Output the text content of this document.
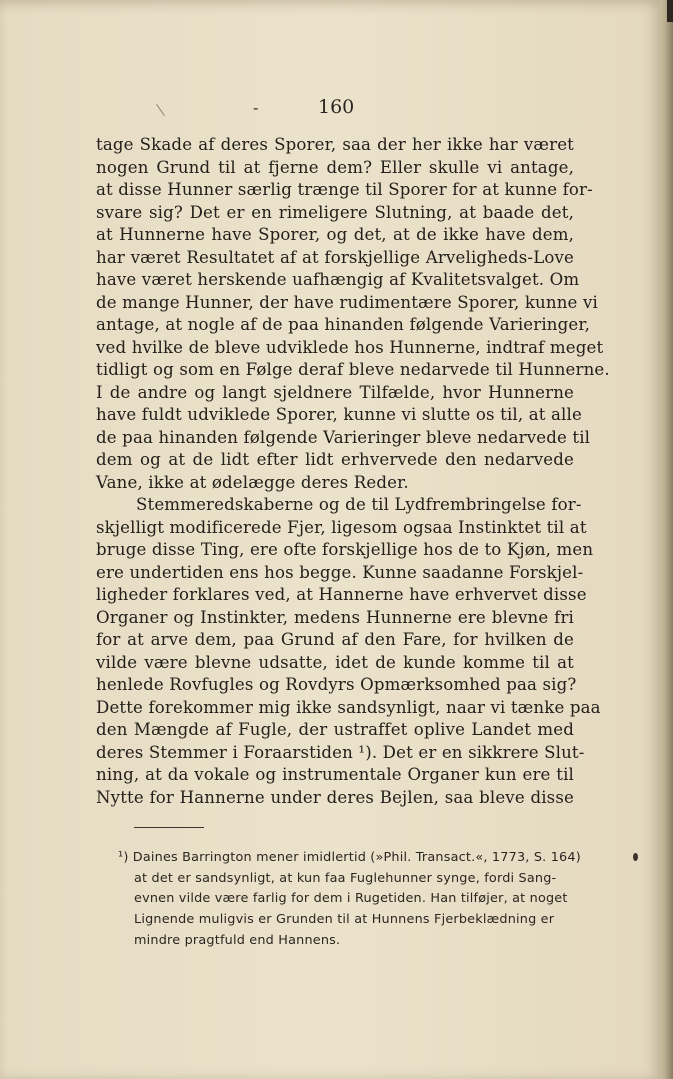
-	160
tage Skade af deres Sporer, saa der her ikke har været
nogen Grund til at fjerne dem? Eller skulle vi antage,
at disse Hunner særlig trænge til Sporer for at kunne for-
svare sig? Det er en rimeligere Slutning, at baade det,
at Hunnerne have Sporer, og det, at de ikke have dem,
har været Resultatet af at forskjellige Arveligheds-Love
have været herskende uafhængig af Kvalitetsvalget. Om
de mange Hunner, der have rudimentære Sporer, kunne vi
antage, at nogle af de paa hinanden følgende Varieringer,
ved hvilke de bleve udviklede hos Hunnerne, indtraf meget
tidligt og som en Følge deraf bleve nedarvede til Hunnerne.
I de andre og langt sjeldnere Tilfælde, hvor Hunnerne
have fuldt udviklede Sporer, kunne vi slutte os til, at alle
de paa hinanden følgende Varieringer bleve nedarvede til
dem og at de lidt efter lidt erhvervede den nedarvede
Vane, ikke at ødelægge deres Reder.
Stemmeredskaberne og de til Lydfrembringelse for-
skjelligt modificerede Fjer, ligesom ogsaa Instinktet til at
bruge disse Ting, ere ofte forskjellige hos de to Kjøn, men
ere undertiden ens hos begge. Kunne saadanne Forskjel-
ligheder forklares ved, at Hannerne have erhvervet disse
Organer og Instinkter, medens Hunnerne ere blevne fri
for at arve dem, paa Grund af den Fare, for hvilken de
vilde være blevne udsatte, idet de kunde komme til at
henlede Rovfugles og Rovdyrs Opmærksomhed paa sig?
Dette forekommer mig ikke sandsynligt, naar vi tænke paa
den Mængde af Fugle, der ustraffet oplive Landet med
deres Stemmer i Foraarstiden ¹). Det er en sikkrere Slut-
ning, at da vokale og instrumentale Organer kun ere til
Nytte for Hannerne under deres Bejlen, saa bleve disse
¹) Daines Barrington mener imidlertid (»Phil. Transact.«, 1773, S. 164)
at det er sandsynligt, at kun faa Fuglehunner synge, fordi Sang-
evnen vilde være farlig for dem i Rugetiden. Han tilføjer, at noget
Lignende muligvis er Grunden til at Hunnens Fjerbeklædning er
mindre pragtfuld end Hannens.
